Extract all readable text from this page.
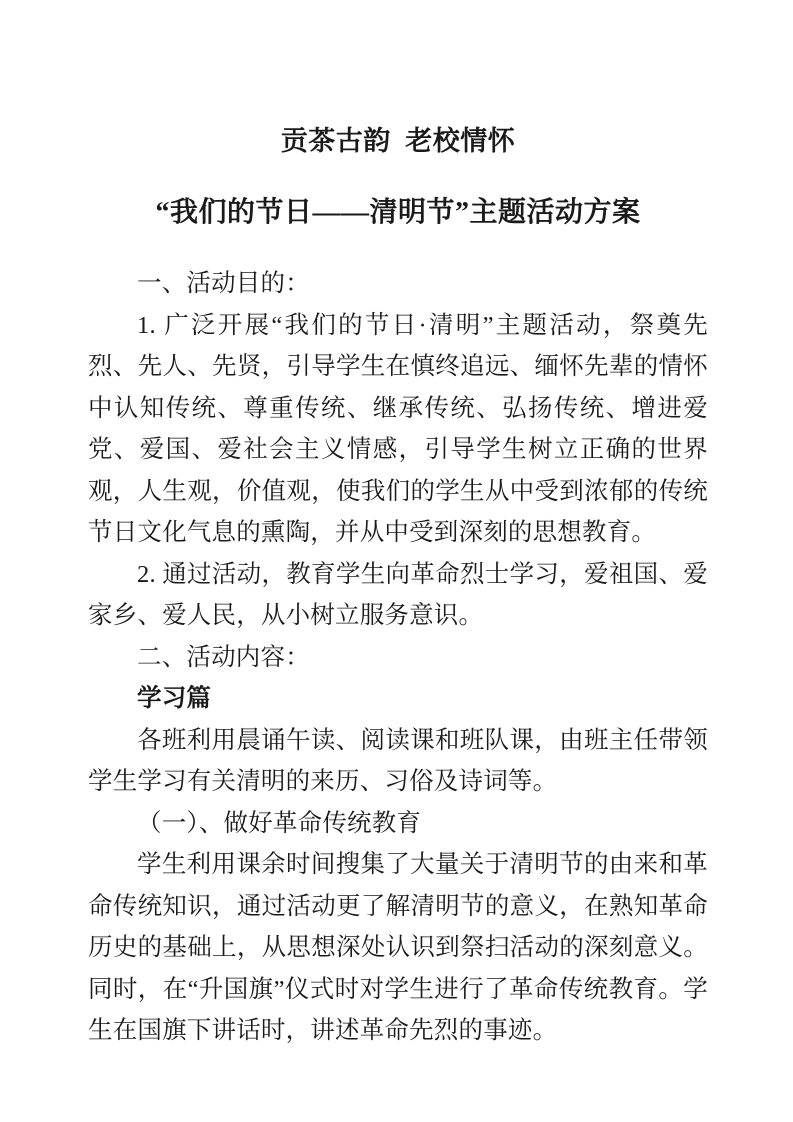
贡茶古韵  老校情怀
“我们的节日——清明节”主题活动方案

一、活动目的：

1. 广泛开展“我们的节日·清明”主题活动，祭奠先烈、先人、先贤，引导学生在慎终追远、缅怀先辈的情怀中认知传统、尊重传统、继承传统、弘扬传统、增进爱党、爱国、爱社会主义情感，引导学生树立正确的世界观，人生观，价值观，使我们的学生从中受到浓郁的传统节日文化气息的熏陶，并从中受到深刻的思想教育。

2. 通过活动，教育学生向革命烈士学习，爱祖国、爱家乡、爱人民，从小树立服务意识。

二、活动内容：

学习篇

各班利用晨诵午读、阅读课和班队课，由班主任带领学生学习有关清明的来历、习俗及诗词等。

（一）、做好革命传统教育

学生利用课余时间搜集了大量关于清明节的由来和革命传统知识，通过活动更了解清明节的意义，在熟知革命历史的基础上，从思想深处认识到祭扫活动的深刻意义。同时，在“升国旗”仪式时对学生进行了革命传统教育。学生在国旗下讲话时，讲述革命先烈的事迹。
